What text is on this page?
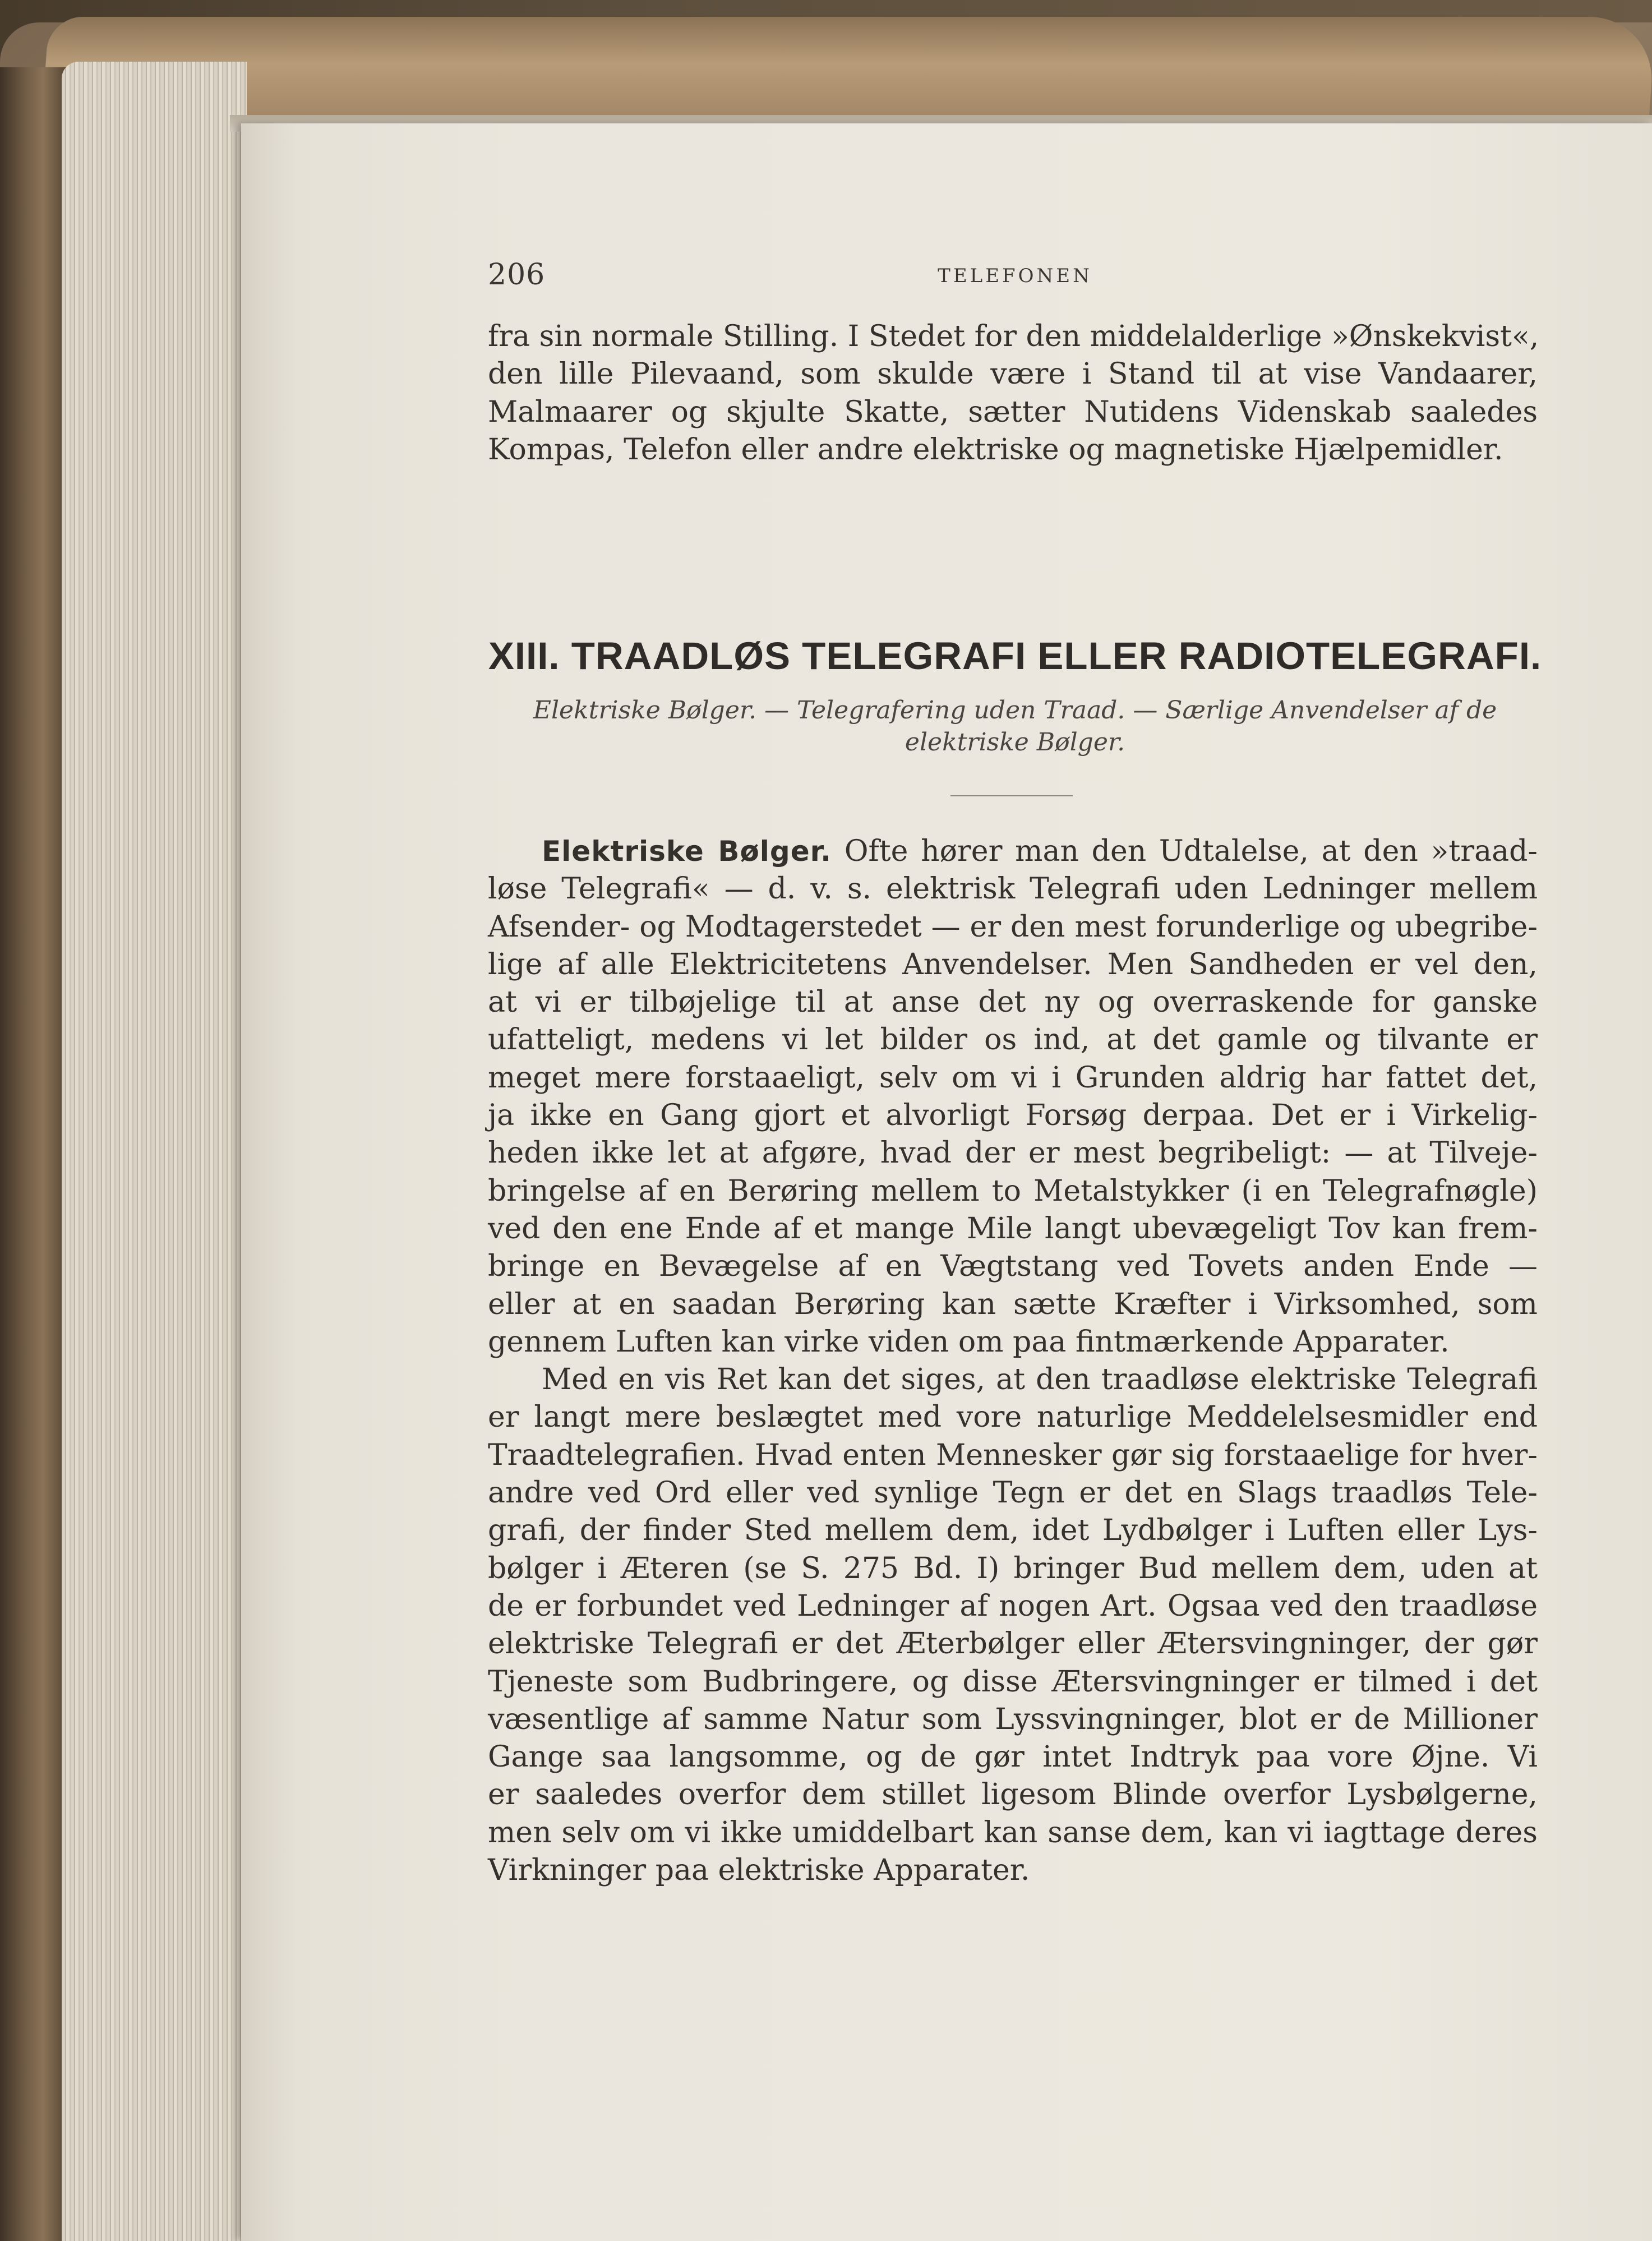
206	TELEFONEN

fra sin normale Stilling. I Stedet for den middelalderlige »Ønskekvist«,

den lille Pilevaand, som skulde være i Stand til at vise Vandaarer,

Malmaarer og skjulte Skatte, sætter Nutidens Videnskab saaledes

Kompas, Telefon eller andre elektriske og magnetiske Hjælpemidler.

XIII. TRAADLØS TELEGRAFI ELLER RADIOTELEGRAFI.
Elektriske Bølger. — Telegrafering uden Traad. — Særlige Anvendelser af de
elektriske Bølger.

Elektriske Bølger. Ofte hører man den Udtalelse, at den »traad-

løse Telegrafi« — d. v. s. elektrisk Telegrafi uden Ledninger mellem

Afsender- og Modtagerstedet — er den mest forunderlige og ubegribe-

lige af alle Elektricitetens Anvendelser. Men Sandheden er vel den,

at vi er tilbøjelige til at anse det ny og overraskende for ganske

ufatteligt, medens vi let bilder os ind, at det gamle og tilvante er

meget mere forstaaeligt, selv om vi i Grunden aldrig har fattet det,

ja ikke en Gang gjort et alvorligt Forsøg derpaa. Det er i Virkelig-

heden ikke let at afgøre, hvad der er mest begribeligt: — at Tilveje-

bringelse af en Berøring mellem to Metalstykker (i en Telegrafnøgle)

ved den ene Ende af et mange Mile langt ubevægeligt Tov kan frem-

bringe en Bevægelse af en Vægtstang ved Tovets anden Ende —

eller at en saadan Berøring kan sætte Kræfter i Virksomhed, som

gennem Luften kan virke viden om paa fintmærkende Apparater.

Med en vis Ret kan det siges, at den traadløse elektriske Telegrafi

er langt mere beslægtet med vore naturlige Meddelelsesmidler end

Traadtelegrafien. Hvad enten Mennesker gør sig forstaaelige for hver-

andre ved Ord eller ved synlige Tegn er det en Slags traadløs Tele-

grafi, der finder Sted mellem dem, idet Lydbølger i Luften eller Lys-

bølger i Æteren (se S. 275 Bd. I) bringer Bud mellem dem, uden at

de er forbundet ved Ledninger af nogen Art. Ogsaa ved den traadløse

elektriske Telegrafi er det Æterbølger eller Ætersvingninger, der gør

Tjeneste som Budbringere, og disse Ætersvingninger er tilmed i det

væsentlige af samme Natur som Lyssvingninger, blot er de Millioner

Gange saa langsomme, og de gør intet Indtryk paa vore Øjne. Vi

er saaledes overfor dem stillet ligesom Blinde overfor Lysbølgerne,

men selv om vi ikke umiddelbart kan sanse dem, kan vi iagttage deres

Virkninger paa elektriske Apparater.
